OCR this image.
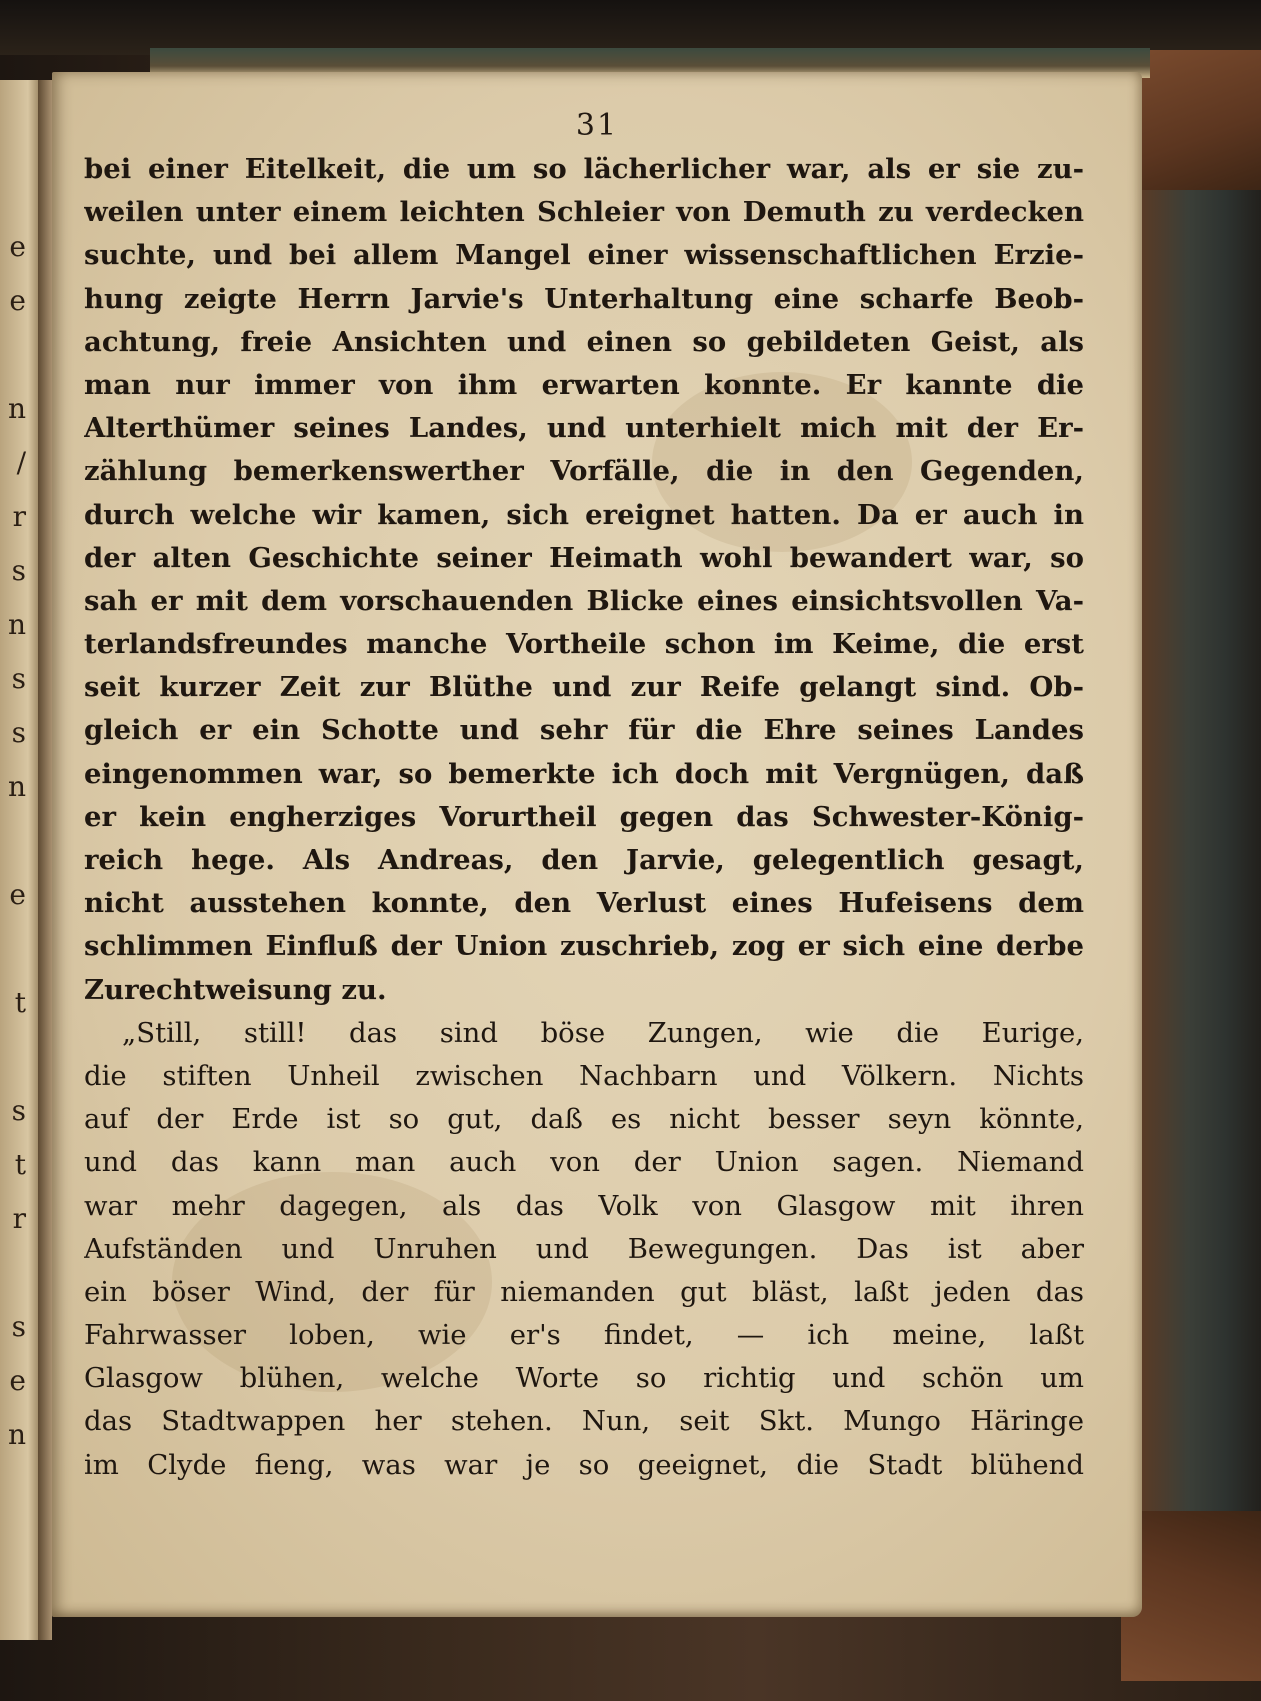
e
e
n
/
r
s
n
s
s
n
e
t
s
t
r
s
e
n
31
bei einer Eitelkeit, die um so lächerlicher war, als er sie zu-
weilen unter einem leichten Schleier von Demuth zu verdecken
suchte, und bei allem Mangel einer wissenschaftlichen Erzie-
hung zeigte Herrn Jarvie's Unterhaltung eine scharfe Beob-
achtung, freie Ansichten und einen so gebildeten Geist, als
man nur immer von ihm erwarten konnte. Er kannte die
Alterthümer seines Landes, und unterhielt mich mit der Er-
zählung bemerkenswerther Vorfälle, die in den Gegenden,
durch welche wir kamen, sich ereignet hatten. Da er auch in
der alten Geschichte seiner Heimath wohl bewandert war, so
sah er mit dem vorschauenden Blicke eines einsichtsvollen Va-
terlandsfreundes manche Vortheile schon im Keime, die erst
seit kurzer Zeit zur Blüthe und zur Reife gelangt sind. Ob-
gleich er ein Schotte und sehr für die Ehre seines Landes
eingenommen war, so bemerkte ich doch mit Vergnügen, daß
er kein engherziges Vorurtheil gegen das Schwester-König-
reich hege. Als Andreas, den Jarvie, gelegentlich gesagt,
nicht ausstehen konnte, den Verlust eines Hufeisens dem
schlimmen Einfluß der Union zuschrieb, zog er sich eine derbe
Zurechtweisung zu.
„Still, still! das sind böse Zungen, wie die Eurige,
die stiften Unheil zwischen Nachbarn und Völkern. Nichts
auf der Erde ist so gut, daß es nicht besser seyn könnte,
und das kann man auch von der Union sagen. Niemand
war mehr dagegen, als das Volk von Glasgow mit ihren
Aufständen und Unruhen und Bewegungen. Das ist aber
ein böser Wind, der für niemanden gut bläst, laßt jeden das
Fahrwasser loben, wie er's findet, — ich meine, laßt
Glasgow blühen, welche Worte so richtig und schön um
das Stadtwappen her stehen. Nun, seit Skt. Mungo Häringe
im Clyde fieng, was war je so geeignet, die Stadt blühend
